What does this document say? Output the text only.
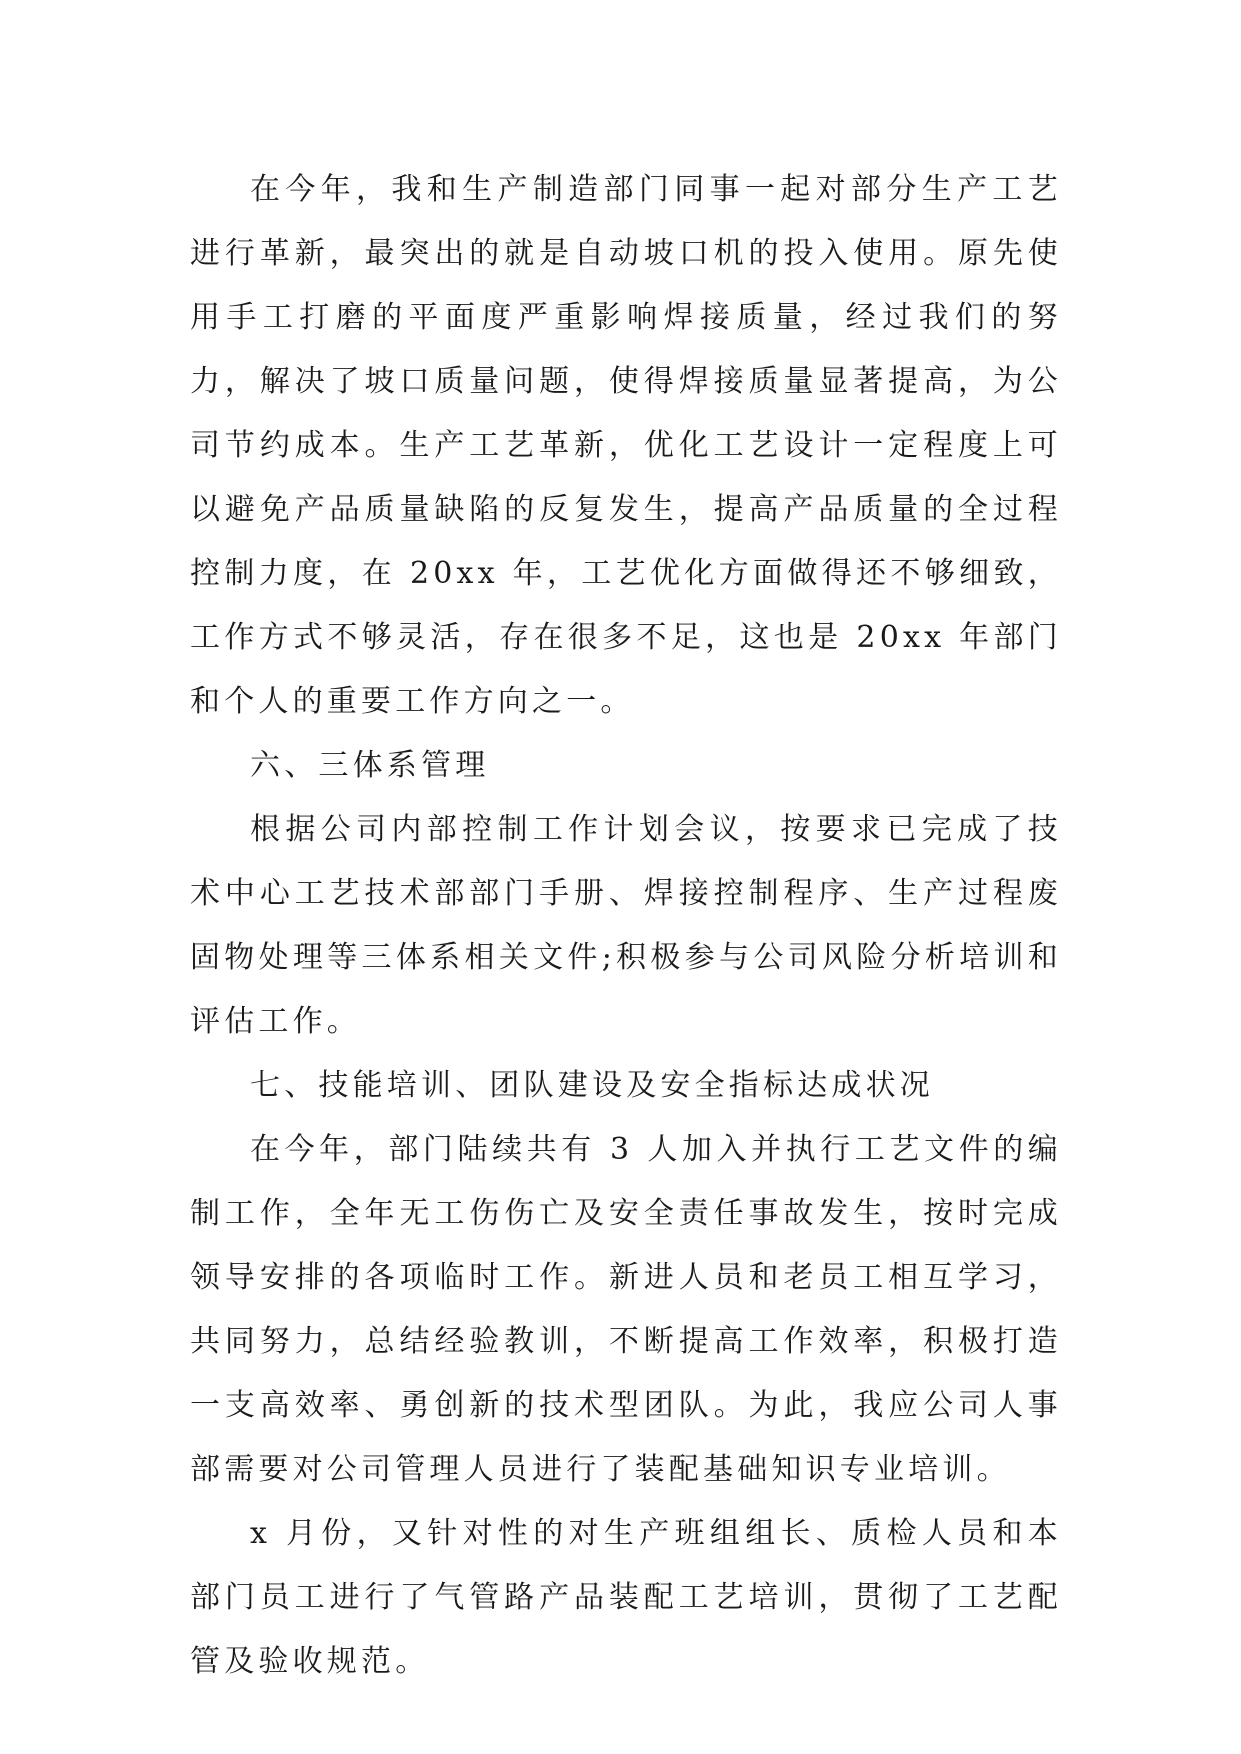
在今年，我和生产制造部门同事一起对部分生产工艺进行革新，最突出的就是自动坡口机的投入使用。原先使用手工打磨的平面度严重影响焊接质量，经过我们的努力，解决了坡口质量问题，使得焊接质量显著提高，为公司节约成本。生产工艺革新，优化工艺设计一定程度上可以避免产品质量缺陷的反复发生，提高产品质量的全过程控制力度，在 20xx 年，工艺优化方面做得还不够细致，工作方式不够灵活，存在很多不足，这也是 20xx 年部门和个人的重要工作方向之一。

六、三体系管理

根据公司内部控制工作计划会议，按要求已完成了技术中心工艺技术部部门手册、焊接控制程序、生产过程废固物处理等三体系相关文件;积极参与公司风险分析培训和评估工作。

七、技能培训、团队建设及安全指标达成状况

在今年，部门陆续共有 3 人加入并执行工艺文件的编制工作，全年无工伤伤亡及安全责任事故发生，按时完成领导安排的各项临时工作。新进人员和老员工相互学习，共同努力，总结经验教训，不断提高工作效率，积极打造一支高效率、勇创新的技术型团队。为此，我应公司人事部需要对公司管理人员进行了装配基础知识专业培训。

x 月份，又针对性的对生产班组组长、质检人员和本部门员工进行了气管路产品装配工艺培训，贯彻了工艺配管及验收规范。
